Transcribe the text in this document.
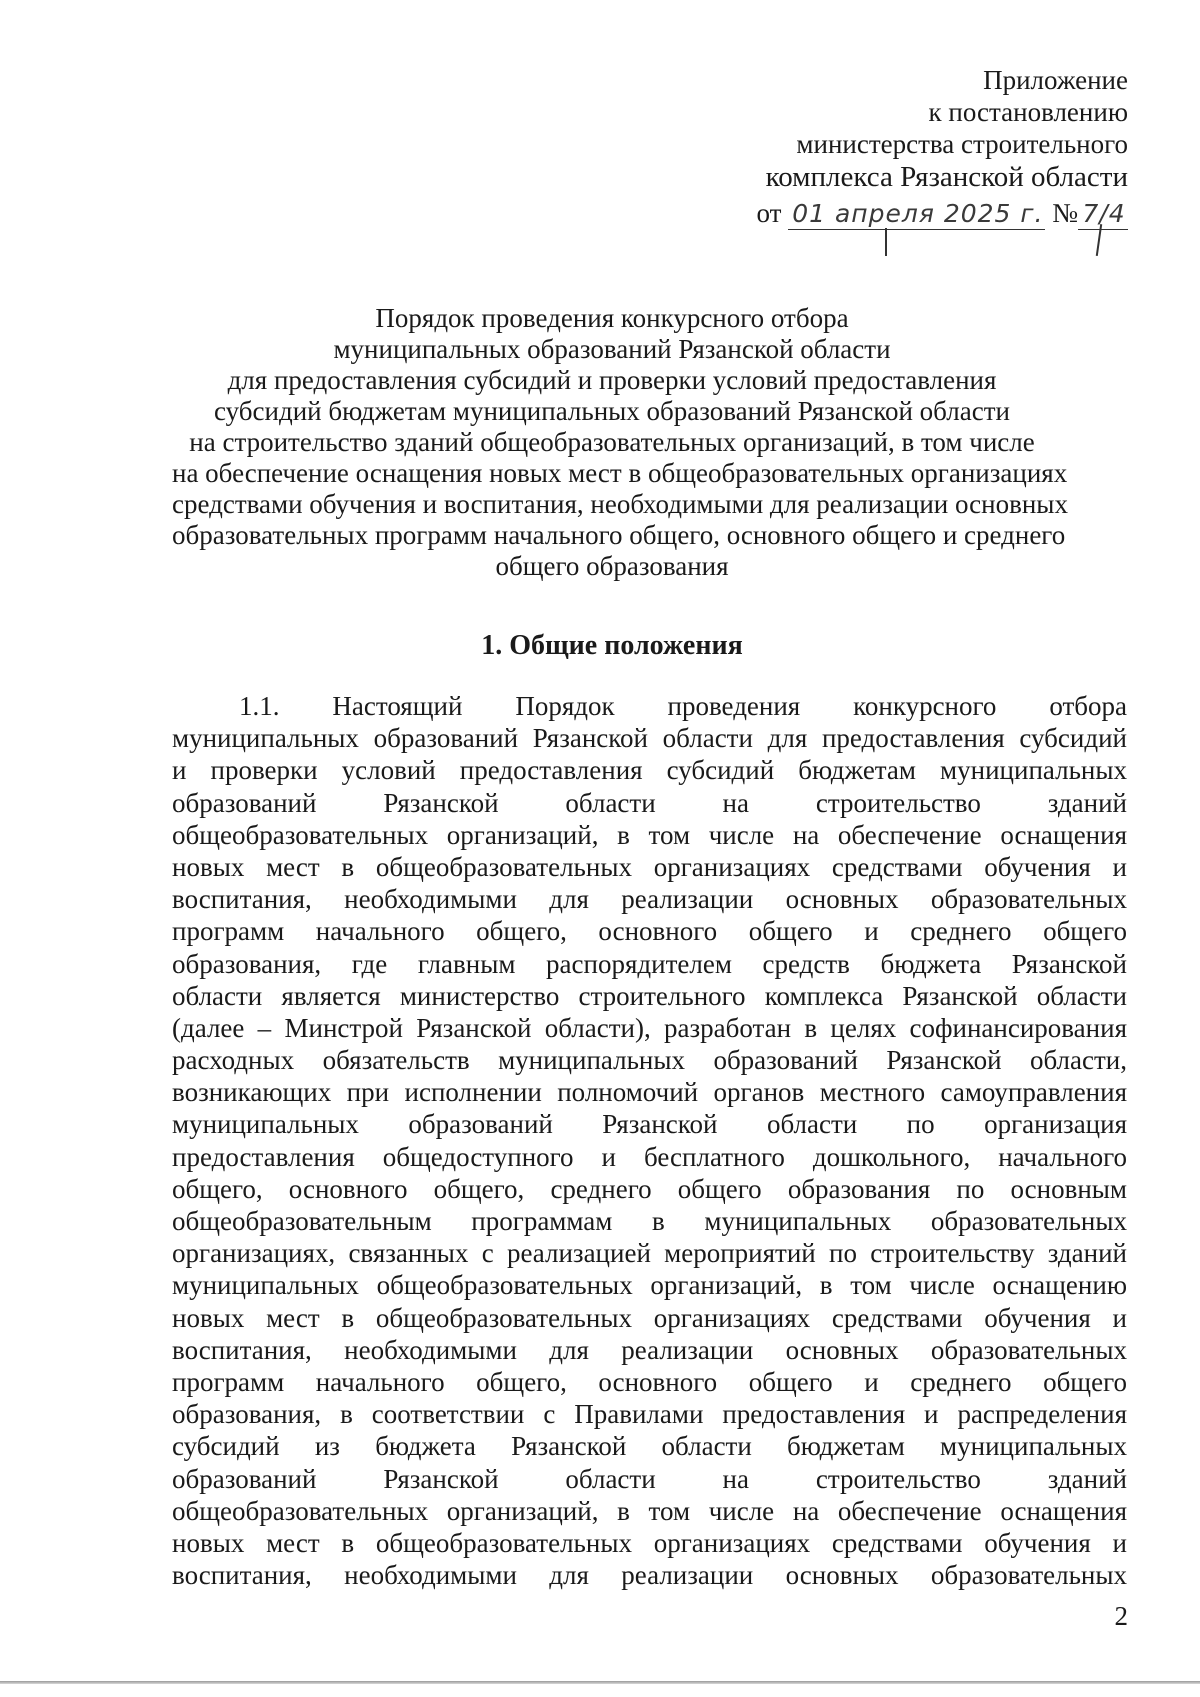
Приложение
к постановлению
министерства строительного
комплекса Рязанской области
от 01 апреля 2025 г. № 7/4
Порядок проведения конкурсного отбора
муниципальных образований Рязанской области
для предоставления субсидий и проверки условий предоставления
субсидий бюджетам муниципальных образований Рязанской области
на строительство зданий общеобразовательных организаций, в том числе
на обеспечение оснащения новых мест в общеобразовательных организациях
средствами обучения и воспитания, необходимыми для реализации основных
образовательных программ начального общего, основного общего и среднего
общего образования
1. Общие положения
1.1. Настоящий Порядок проведения конкурсного отбора
муниципальных образований Рязанской области для предоставления субсидий
и проверки условий предоставления субсидий бюджетам муниципальных
образований Рязанской области на строительство зданий
общеобразовательных организаций, в том числе на обеспечение оснащения
новых мест в общеобразовательных организациях средствами обучения и
воспитания, необходимыми для реализации основных образовательных
программ начального общего, основного общего и среднего общего
образования, где главным распорядителем средств бюджета Рязанской
области является министерство строительного комплекса Рязанской области
(далее – Минстрой Рязанской области), разработан в целях софинансирования
расходных обязательств муниципальных образований Рязанской области,
возникающих при исполнении полномочий органов местного самоуправления
муниципальных образований Рязанской области по организация
предоставления общедоступного и бесплатного дошкольного, начального
общего, основного общего, среднего общего образования по основным
общеобразовательным программам в муниципальных образовательных
организациях, связанных с реализацией мероприятий по строительству зданий
муниципальных общеобразовательных организаций, в том числе оснащению
новых мест в общеобразовательных организациях средствами обучения и
воспитания, необходимыми для реализации основных образовательных
программ начального общего, основного общего и среднего общего
образования, в соответствии с Правилами предоставления и распределения
субсидий из бюджета Рязанской области бюджетам муниципальных
образований Рязанской области на строительство зданий
общеобразовательных организаций, в том числе на обеспечение оснащения
новых мест в общеобразовательных организациях средствами обучения и
воспитания, необходимыми для реализации основных образовательных
2
